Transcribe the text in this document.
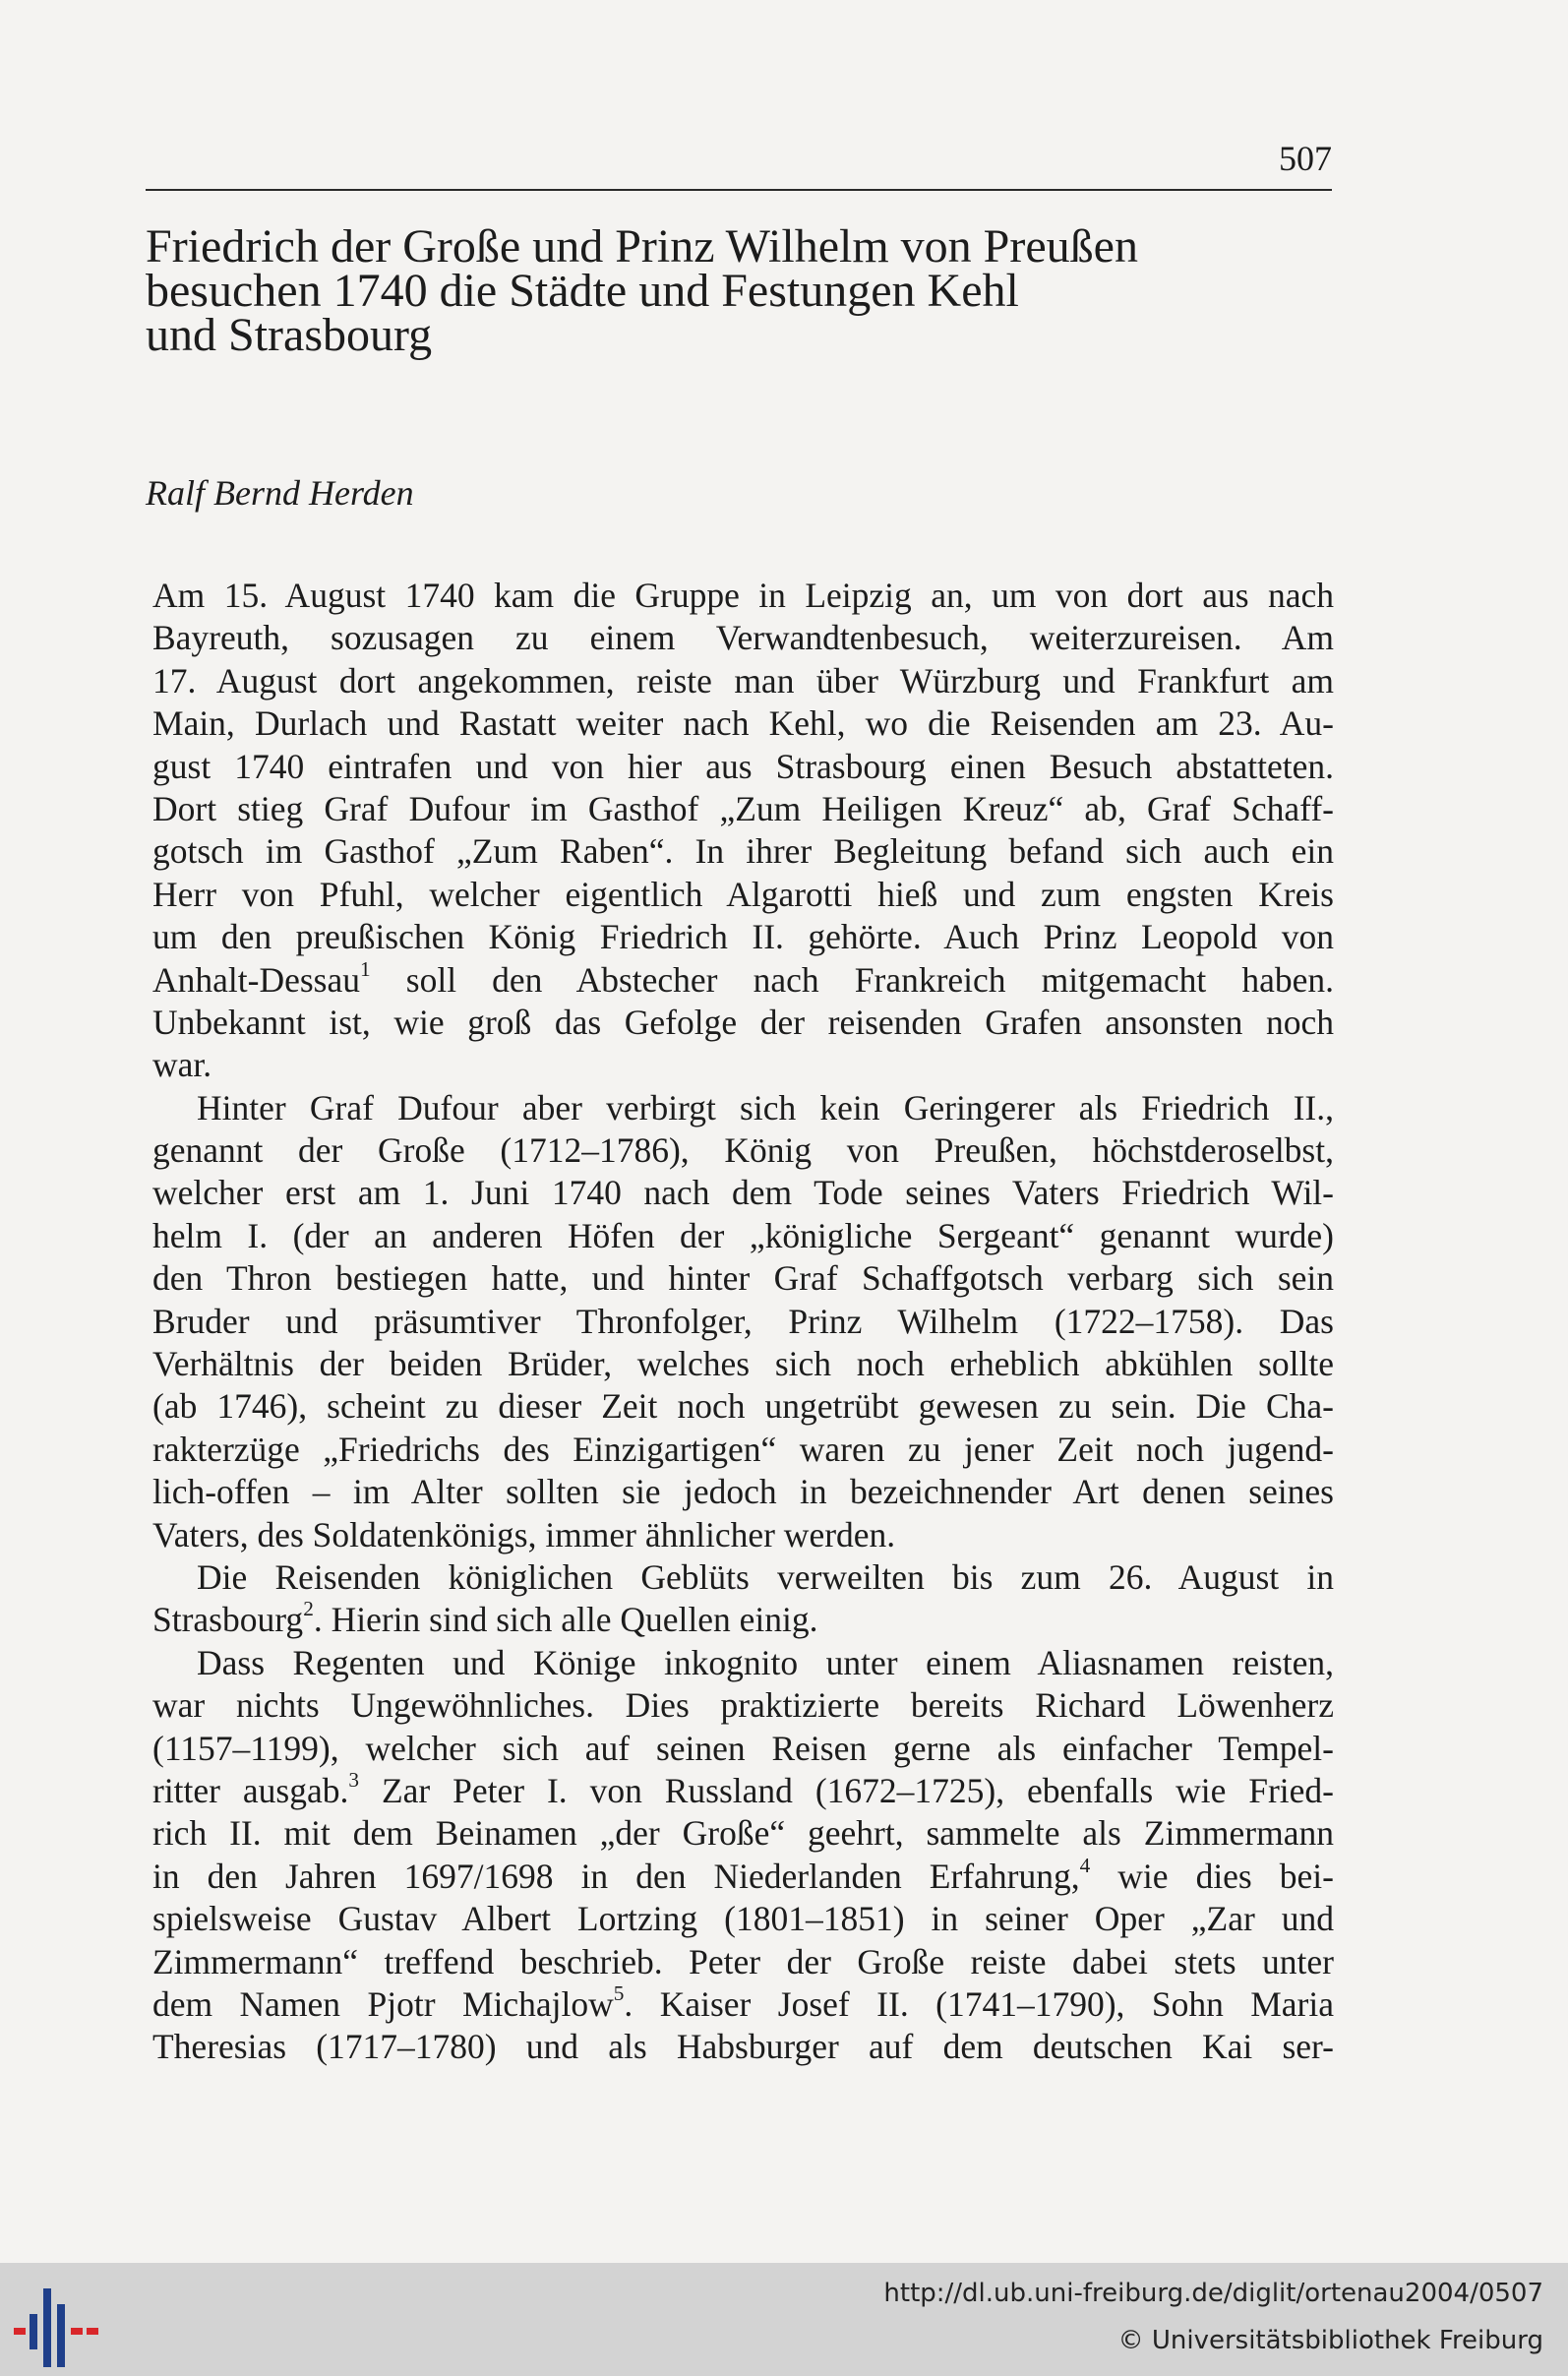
507
Friedrich der Große und Prinz Wilhelm von Preußen
besuchen 1740 die Städte und Festungen Kehl
und Strasbourg
Ralf Bernd Herden
Am 15. August 1740 kam die Gruppe in Leipzig an, um von dort aus nach
Bayreuth, sozusagen zu einem Verwandtenbesuch, weiterzureisen. Am
17. August dort angekommen, reiste man über Würzburg und Frankfurt am
Main, Durlach und Rastatt weiter nach Kehl, wo die Reisenden am 23. Au-
gust 1740 eintrafen und von hier aus Strasbourg einen Besuch abstatteten.
Dort stieg Graf Dufour im Gasthof „Zum Heiligen Kreuz“ ab, Graf Schaff-
gotsch im Gasthof „Zum Raben“. In ihrer Begleitung befand sich auch ein
Herr von Pfuhl, welcher eigentlich Algarotti hieß und zum engsten Kreis
um den preußischen König Friedrich II. gehörte. Auch Prinz Leopold von
Anhalt-Dessau$^1$ soll den Abstecher nach Frankreich mitgemacht haben.
Unbekannt ist, wie groß das Gefolge der reisenden Grafen ansonsten noch
war.
Hinter Graf Dufour aber verbirgt sich kein Geringerer als Friedrich II.,
genannt der Große (1712–1786), König von Preußen, höchstderoselbst,
welcher erst am 1. Juni 1740 nach dem Tode seines Vaters Friedrich Wil-
helm I. (der an anderen Höfen der „königliche Sergeant“ genannt wurde)
den Thron bestiegen hatte, und hinter Graf Schaffgotsch verbarg sich sein
Bruder und präsumtiver Thronfolger, Prinz Wilhelm (1722–1758). Das
Verhältnis der beiden Brüder, welches sich noch erheblich abkühlen sollte
(ab 1746), scheint zu dieser Zeit noch ungetrübt gewesen zu sein. Die Cha-
rakterzüge „Friedrichs des Einzigartigen“ waren zu jener Zeit noch jugend-
lich-offen – im Alter sollten sie jedoch in bezeichnender Art denen seines
Vaters, des Soldatenkönigs, immer ähnlicher werden.
Die Reisenden königlichen Geblüts verweilten bis zum 26. August in
Strasbourg$^2$. Hierin sind sich alle Quellen einig.
Dass Regenten und Könige inkognito unter einem Aliasnamen reisten,
war nichts Ungewöhnliches. Dies praktizierte bereits Richard Löwenherz
(1157–1199), welcher sich auf seinen Reisen gerne als einfacher Tempel-
ritter ausgab.$^3$ Zar Peter I. von Russland (1672–1725), ebenfalls wie Fried-
rich II. mit dem Beinamen „der Große“ geehrt, sammelte als Zimmermann
in den Jahren 1697/1698 in den Niederlanden Erfahrung,$^4$ wie dies bei-
spielsweise Gustav Albert Lortzing (1801–1851) in seiner Oper „Zar und
Zimmermann“ treffend beschrieb. Peter der Große reiste dabei stets unter
dem Namen Pjotr Michajlow$^5$. Kaiser Josef II. (1741–1790), Sohn Maria
Theresias (1717–1780) und als Habsburger auf dem deutschen Kai ser-
http://dl.ub.uni-freiburg.de/diglit/ortenau2004/0507
© Universitätsbibliothek Freiburg
